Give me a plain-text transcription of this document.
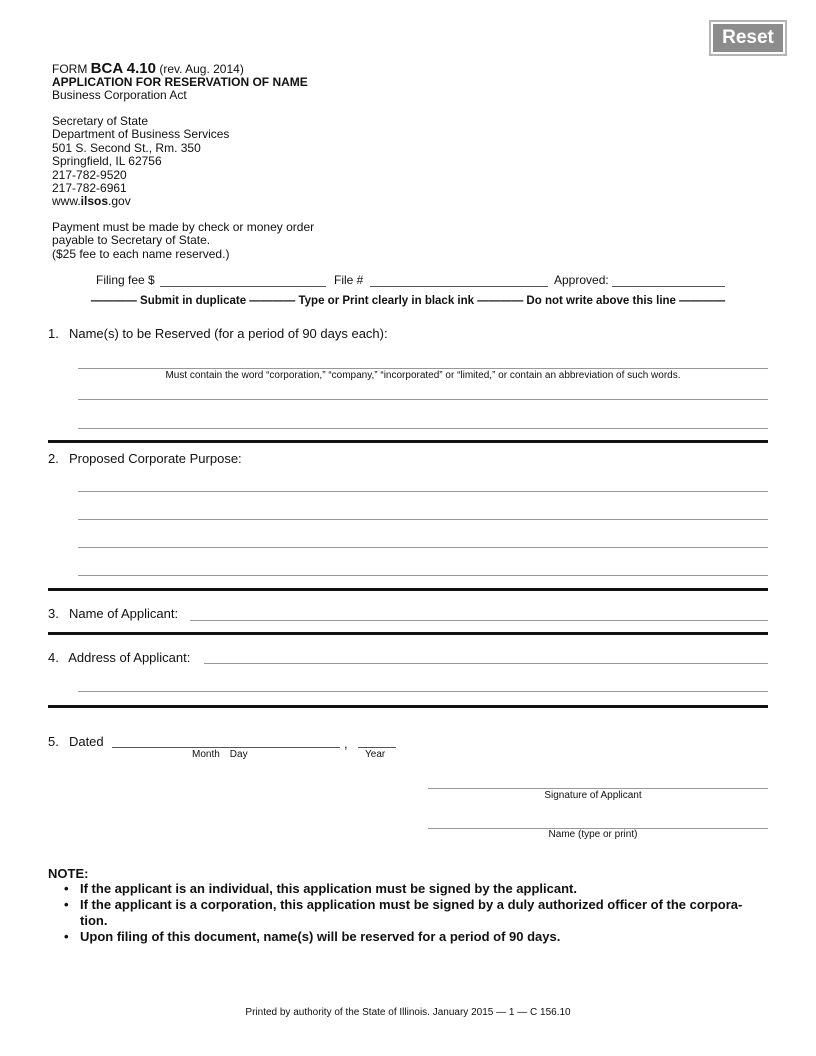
Reset
FORM BCA 4.10 (rev. Aug. 2014)
APPLICATION FOR RESERVATION OF NAME
Business Corporation Act
Secretary of State
Department of Business Services
501 S. Second St., Rm. 350
Springfield, IL 62756
217-782-9520
217-782-6961
www.ilsos.gov
Payment must be made by check or money order
payable to Secretary of State.
($25 fee to each name reserved.)
Filing fee $	File #	Approved:
———— Submit in duplicate ———— Type or Print clearly in black ink ———— Do not write above this line ————
1.  Name(s) to be Reserved (for a period of 90 days each):
Must contain the word “corporation,” “company,” “incorporated” or “limited,” or contain an abbreviation of such words.
2.  Proposed Corporate Purpose:
3.  Name of Applicant:
4.  Address of Applicant:
5.  Dated
Month Day
,
Year
Signature of Applicant
Name (type or print)
NOTE:
• If the applicant is an individual, this application must be signed by the applicant.
• If the applicant is a corporation, this application must be signed by a duly authorized officer of the corpora-tion.
• Upon filing of this document, name(s) will be reserved for a period of 90 days.
Printed by authority of the State of Illinois. January 2015 — 1 — C 156.10
